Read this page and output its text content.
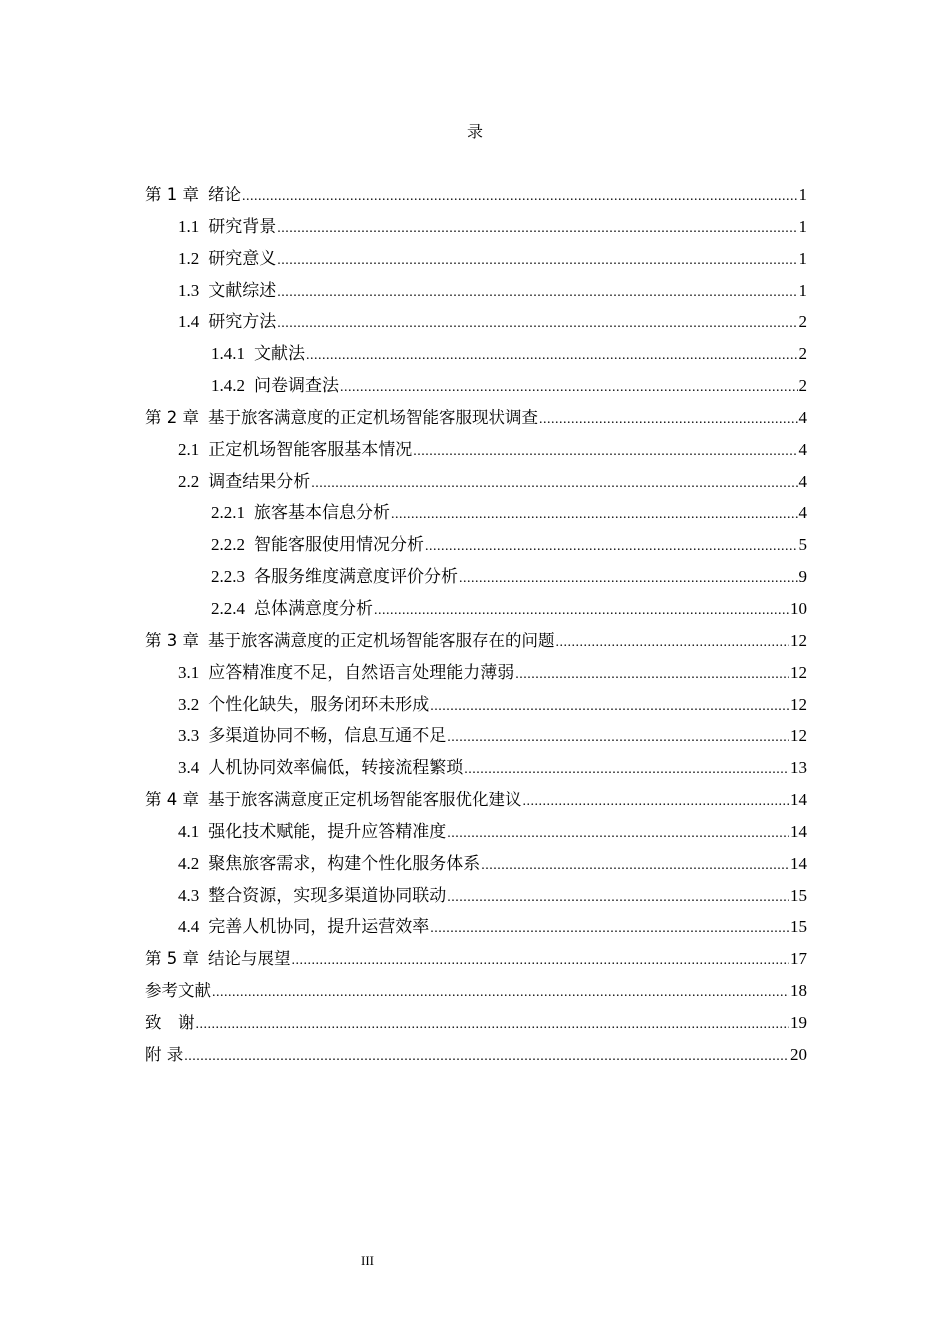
录
第 1 章 绪论 .....	1
1.1 研究背景 .....	1
1.2 研究意义 .....	1
1.3 文献综述 .....	1
1.4 研究方法 .....	2
1.4.1 文献法 .....	2
1.4.2 问卷调查法 .....	2
第 2 章 基于旅客满意度的正定机场智能客服现状调查 .....	4
2.1 正定机场智能客服基本情况 .....	4
2.2 调查结果分析 .....	4
2.2.1 旅客基本信息分析 .....	4
2.2.2 智能客服使用情况分析 .....	5
2.2.3 各服务维度满意度评价分析 .....	9
2.2.4 总体满意度分析 .....	10
第 3 章 基于旅客满意度的正定机场智能客服存在的问题 .....	12
3.1 应答精准度不足，自然语言处理能力薄弱 .....	12
3.2 个性化缺失，服务闭环未形成 .....	12
3.3 多渠道协同不畅，信息互通不足 .....	12
3.4 人机协同效率偏低，转接流程繁琐 .....	13
第 4 章 基于旅客满意度正定机场智能客服优化建议 .....	14
4.1 强化技术赋能，提升应答精准度 .....	14
4.2 聚焦旅客需求，构建个性化服务体系 .....	14
4.3 整合资源，实现多渠道协同联动 .....	15
4.4 完善人机协同，提升运营效率 .....	15
第 5 章 结论与展望 .....	17
参考文献 .....	18
致　谢 .....	19
附 录 .....	20
III
